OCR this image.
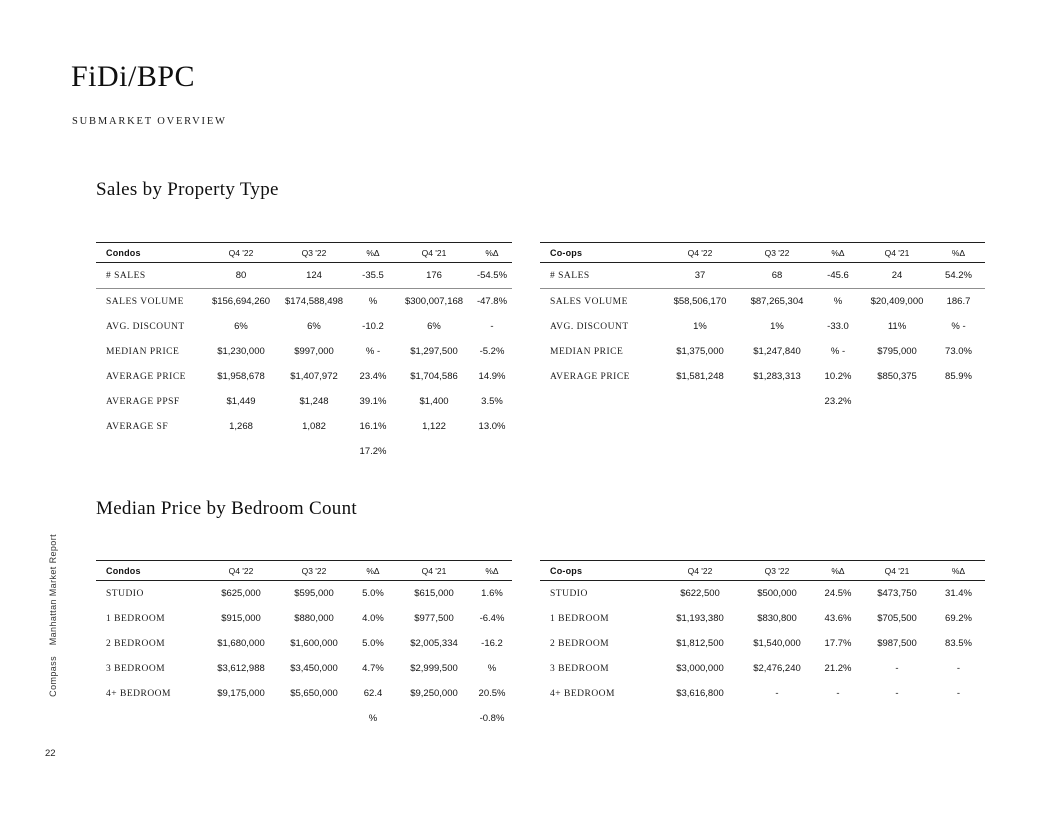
Manhattan Market Report
Compass
22
FiDi/BPC
SUBMARKET OVERVIEW
Sales by Property Type
Condos	Q4 '22	Q3 '22	%Δ	Q4 '21	%Δ
# SALES	80	124	-35.5	176	-54.5%
SALES VOLUME	$156,694,260	$174,588,498	%	$300,007,168	-47.8%
AVG. DISCOUNT	6%	6%	-10.2	6%	-
MEDIAN PRICE	$1,230,000	$997,000	% -	$1,297,500	-5.2%
AVERAGE PRICE	$1,958,678	$1,407,972	23.4%	$1,704,586	14.9%
AVERAGE PPSF	$1,449	$1,248	39.1%	$1,400	3.5%
AVERAGE SF	1,268	1,082	16.1%	1,122	13.0%
			17.2%		
Co-ops	Q4 '22	Q3 '22	%Δ	Q4 '21	%Δ
# SALES	37	68	-45.6	24	54.2%
SALES VOLUME	$58,506,170	$87,265,304	%	$20,409,000	186.7
AVG. DISCOUNT	1%	1%	-33.0	11%	% -
MEDIAN PRICE	$1,375,000	$1,247,840	% -	$795,000	73.0%
AVERAGE PRICE	$1,581,248	$1,283,313	10.2%	$850,375	85.9%
			23.2%		
Median Price by Bedroom Count
Condos	Q4 '22	Q3 '22	%Δ	Q4 '21	%Δ
STUDIO	$625,000	$595,000	5.0%	$615,000	1.6%
1 BEDROOM	$915,000	$880,000	4.0%	$977,500	-6.4%
2 BEDROOM	$1,680,000	$1,600,000	5.0%	$2,005,334	-16.2
3 BEDROOM	$3,612,988	$3,450,000	4.7%	$2,999,500	%
4+ BEDROOM	$9,175,000	$5,650,000	62.4	$9,250,000	20.5%
			%		-0.8%
Co-ops	Q4 '22	Q3 '22	%Δ	Q4 '21	%Δ
STUDIO	$622,500	$500,000	24.5%	$473,750	31.4%
1 BEDROOM	$1,193,380	$830,800	43.6%	$705,500	69.2%
2 BEDROOM	$1,812,500	$1,540,000	17.7%	$987,500	83.5%
3 BEDROOM	$3,000,000	$2,476,240	21.2%	-	-
4+ BEDROOM	$3,616,800	-	-	-	-
